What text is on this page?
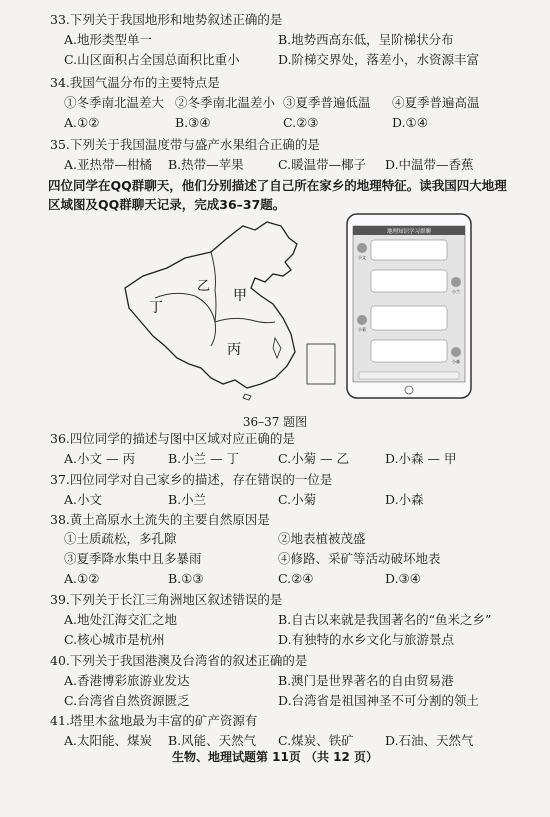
33.下列关于我国地形和地势叙述正确的是
A.地形类型单一	B.地势西高东低，呈阶梯状分布
C.山区面积占全国总面积比重小	D.阶梯交界处，落差小，水资源丰富
34.我国气温分布的主要特点是
①冬季南北温差大 ②冬季南北温差小 ③夏季普遍低温 ④夏季普遍高温
A.①②	B.③④	C.②③	D.①④
35.下列关于我国温度带与盛产水果组合正确的是
A.亚热带—柑橘 B.热带—苹果	C.暖温带—椰子 D.中温带—香蕉
四位同学在QQ群聊天，他们分别描述了自己所在家乡的地理特征。读我国四大地理区域图及QQ群聊天记录，完成36–37题。
甲
乙
丙
丁
地理知识学习群聊
小文
小兰
小菊
小森
36–37 题图
36.四位同学的描述与图中区域对应正确的是
A.小文 — 丙	B.小兰 — 丁	C.小菊 — 乙	D.小森 — 甲
37.四位同学对自己家乡的描述，存在错误的一位是
A.小文	B.小兰	C.小菊	D.小森
38.黄土高原水土流失的主要自然原因是
①土质疏松，多孔隙	②地表植被茂盛
③夏季降水集中且多暴雨	④修路、采矿等活动破坏地表
A.①②	B.①③	C.②④	D.③④
39.下列关于长江三角洲地区叙述错误的是
A.地处江海交汇之地	B.自古以来就是我国著名的“鱼米之乡”
C.核心城市是杭州	D.有独特的水乡文化与旅游景点
40.下列关于我国港澳及台湾省的叙述正确的是
A.香港博彩旅游业发达	B.澳门是世界著名的自由贸易港
C.台湾省自然资源匮乏	D.台湾省是祖国神圣不可分割的领土
41.塔里木盆地最为丰富的矿产资源有
A.太阳能、煤炭 B.风能、天然气 C.煤炭、铁矿	D.石油、天然气
生物、地理试题第 11页 （共 12 页）
